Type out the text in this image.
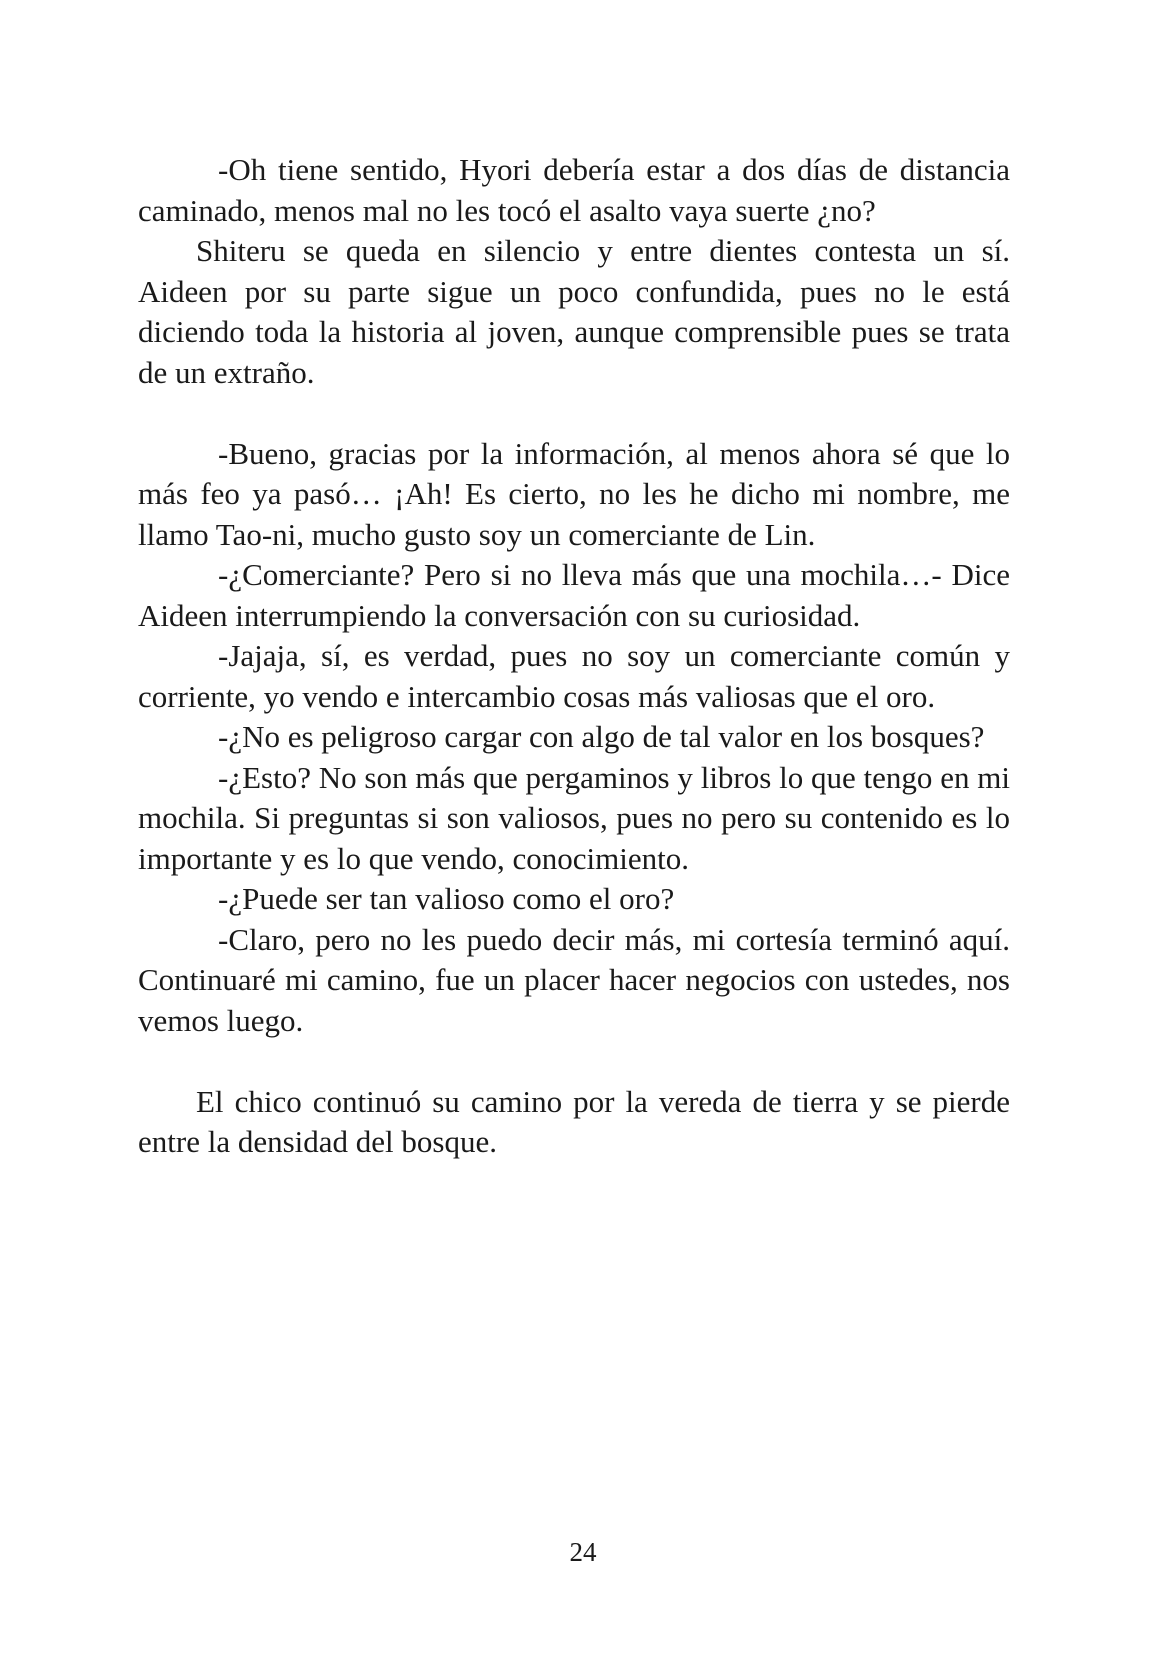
-Oh tiene sentido, Hyori debería estar a dos días de distancia caminado, menos mal no les tocó el asalto vaya suerte ¿no?

Shiteru se queda en silencio y entre dientes contesta un sí. Aideen por su parte sigue un poco confundida, pues no le está diciendo toda la historia al joven, aunque comprensible pues se trata de un extraño.

-Bueno, gracias por la información, al menos ahora sé que lo más feo ya pasó… ¡Ah! Es cierto, no les he dicho mi nombre, me llamo Tao-ni, mucho gusto soy un comerciante de Lin.

-¿Comerciante? Pero si no lleva más que una mochila…- Dice Aideen interrumpiendo la conversación con su curiosidad.

-Jajaja, sí, es verdad, pues no soy un comerciante común y corriente, yo vendo e intercambio cosas más valiosas que el oro.

-¿No es peligroso cargar con algo de tal valor en los bosques?

-¿Esto? No son más que pergaminos y libros lo que tengo en mi mochila. Si preguntas si son valiosos, pues no pero su contenido es lo importante y es lo que vendo, conocimiento.

-¿Puede ser tan valioso como el oro?

-Claro, pero no les puedo decir más, mi cortesía terminó aquí. Continuaré mi camino, fue un placer hacer negocios con ustedes, nos vemos luego.

El chico continuó su camino por la vereda de tierra y se pierde entre la densidad del bosque.

24
